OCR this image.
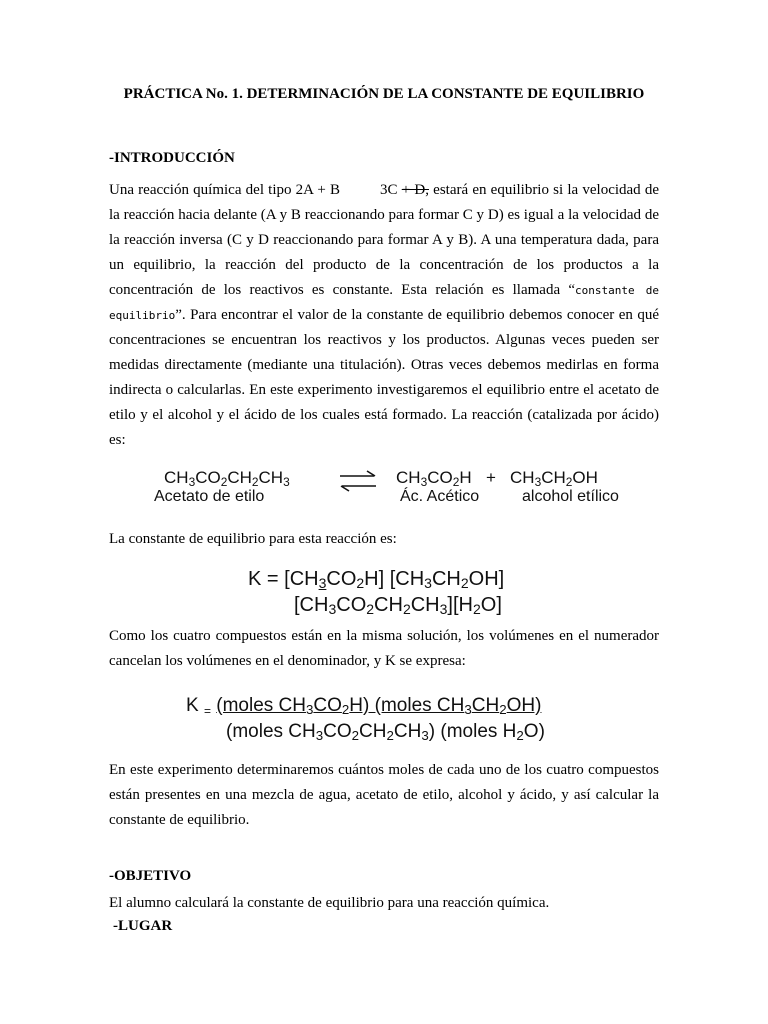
PRÁCTICA No. 1. DETERMINACIÓN DE LA CONSTANTE DE EQUILIBRIO
-INTRODUCCIÓN

Una reacción química del tipo 2A + B	3C + D, estará en equilibrio si la velocidad de la reacción hacia delante (A y B reaccionando para formar C y D) es igual a la velocidad de la reacción inversa (C y D reaccionando para formar A y B). A una temperatura dada, para un equilibrio, la reacción del producto de la concentración de los productos a la concentración de los reactivos es constante. Esta relación es llamada “constante de equilibrio”. Para encontrar el valor de la constante de equilibrio debemos conocer en qué concentraciones se encuentran los reactivos y los productos. Algunas veces pueden ser medidas directamente (mediante una titulación). Otras veces debemos medirlas en forma indirecta o calcularlas. En este experimento investigaremos el equilibrio entre el acetato de etilo y el alcohol y el ácido de los cuales está formado. La reacción (catalizada por ácido) es:

$CH_3CO_2CH_2CH_3$
Acetato de etilo
⇌ $CH_3CO_2H + CH_3CH_2OH$
Ác. Acético	alcohol etílico

La constante de equilibrio para esta reacción es:

$K = [CH_3CO_2H]$ $[CH_3CH_2OH]$
$[CH_3CO_2CH_2CH_3][H_2O]$

Como los cuatro compuestos están en la misma solución, los volúmenes en el numerador cancelan los volúmenes en el denominador, y K se expresa:

K $_=$ (moles $CH_3CO_2H$) (moles $CH_3CH_2OH$)
(moles $CH_3CO_2CH_2CH_3$) (moles $H_2O$)

En este experimento determinaremos cuántos moles de cada uno de los cuatro compuestos están presentes en una mezcla de agua, acetato de etilo, alcohol y ácido, y así calcular la constante de equilibrio.

-OBJETIVO

El alumno calculará la constante de equilibrio para una reacción química.

-LUGAR
